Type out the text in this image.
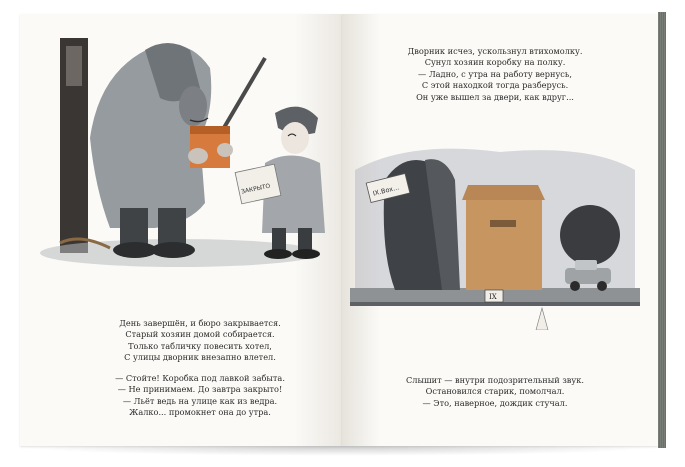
ЗАКРЫТО	IX.Box...
IX
День завершён, и бюро закрывается.
Старый хозяин домой собирается.
Только табличку повесить хотел,
С улицы дворник внезапно влетел.
— Стойте! Коробка под лавкой забыта.
— Не принимаем. До завтра закрыто!
— Льёт ведь на улице как из ведра.
Жалко... промокнет она до утра.
Дворник исчез, ускользнул втихомолку.
Сунул хозяин коробку на полку.
— Ладно, с утра на работу вернусь,
С этой находкой тогда разберусь.
Он уже вышел за двери, как вдруг...
Слышит — внутри подозрительный звук.
Остановился старик, помолчал.
— Это, наверное, дождик стучал.
